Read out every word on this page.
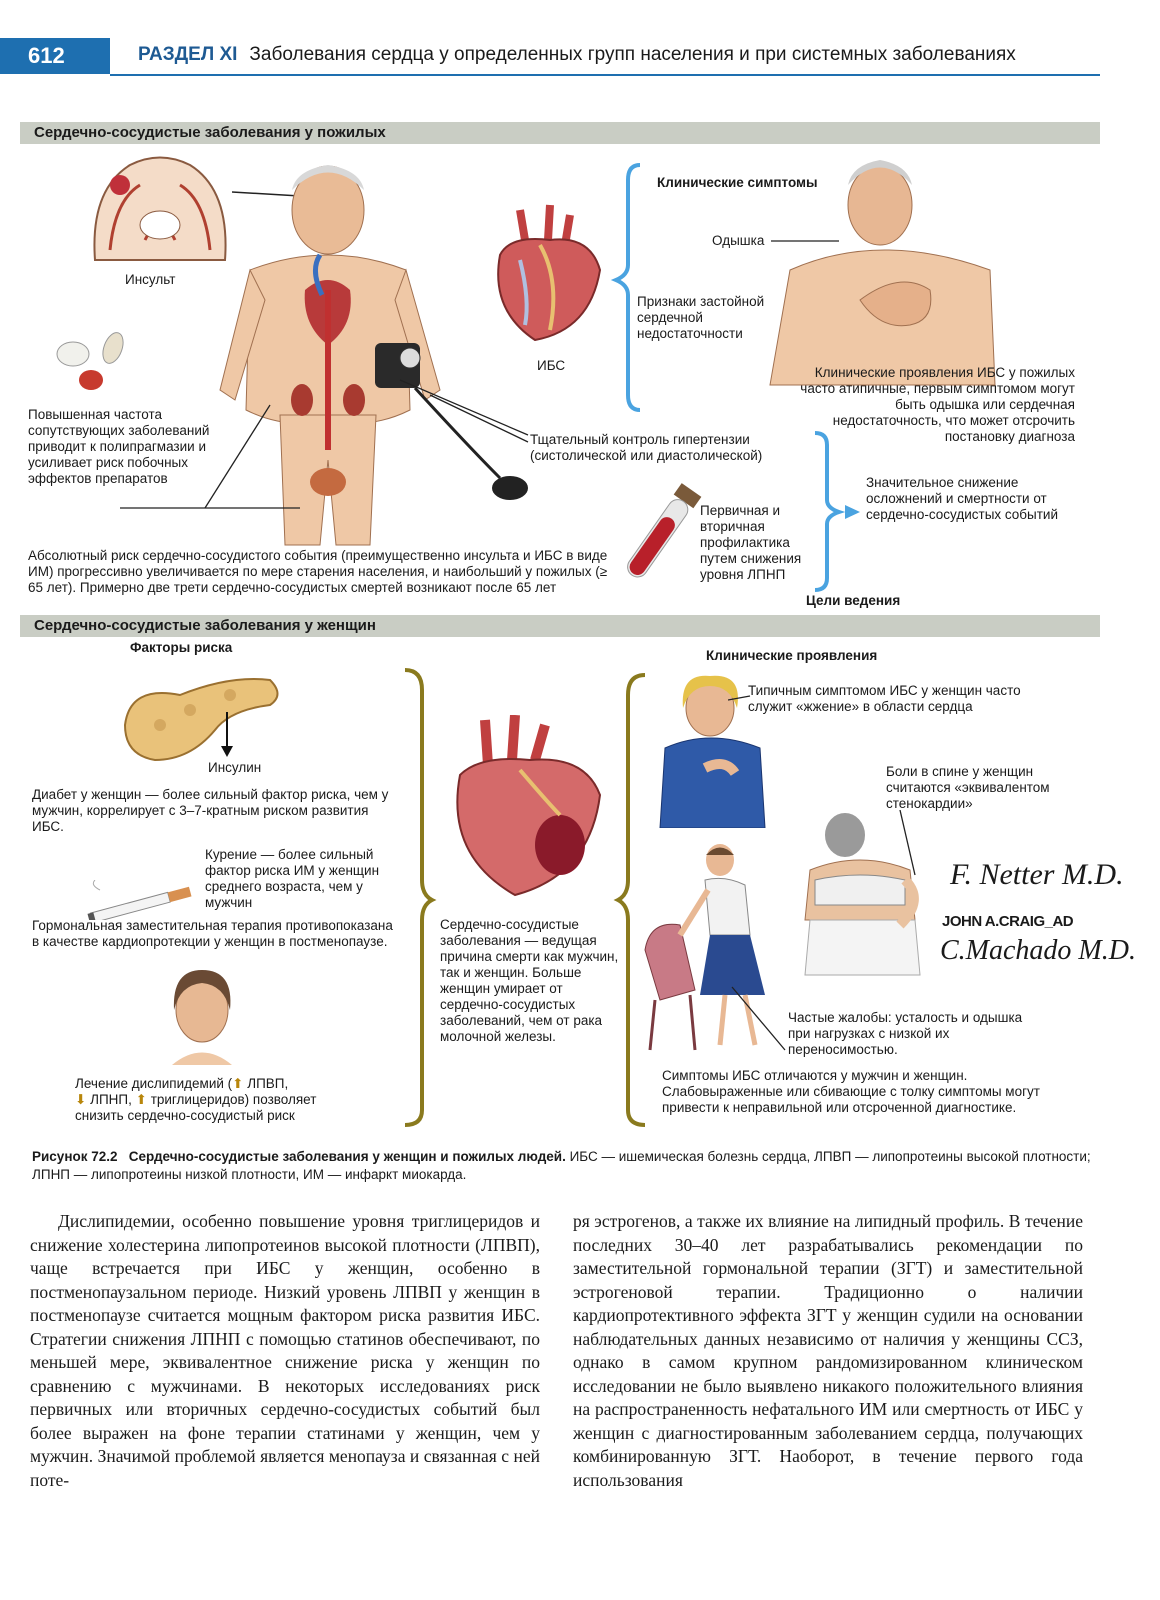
612	РАЗДЕЛ XI Заболевания сердца у определенных групп населения и при системных заболеваниях
Сердечно-сосудистые заболевания у пожилых
Инсульт
Повышенная частота сопутствующих заболеваний приводит к полипрагмазии и усиливает риск побочных эффектов препаратов
ИБС
Клинические симптомы
Одышка
Признаки застойной сердечной недостаточности
Клинические проявления ИБС у пожилых часто атипичные, первым симптомом могут быть одышка или сердечная недостаточность, что может отсрочить постановку диагноза
Тщательный контроль гипертензии (систолической или диастолической)
Первичная и вторичная профилактика путем снижения уровня ЛПНП
Значительное снижение осложнений и смертности от сердечно-сосудистых событий
Цели ведения
Абсолютный риск сердечно-сосудистого события (преимущественно инсульта и ИБС в виде ИМ) прогрессивно увеличивается по мере старения населения, и наибольший у пожилых (≥ 65 лет). Примерно две трети сердечно-сосудистых смертей возникают после 65 лет
Сердечно-сосудистые заболевания у женщин
Факторы риска
Клинические проявления
Инсулин
Диабет у женщин — более сильный фактор риска, чем у мужчин, коррелирует с 3–7-кратным риском развития ИБС.
Курение — более сильный фактор риска ИМ у женщин среднего возраста, чем у мужчин
Гормональная заместительная терапия противопоказана в качестве кардиопротекции у женщин в постменопаузе.
Лечение дислипидемий (⬆ ЛПВП,
⬇ ЛПНП, ⬆ триглицеридов) позволяет
снизить сердечно-сосудистый риск
Сердечно-сосудистые заболевания — ведущая причина смерти как мужчин, так и женщин. Больше женщин умирает от сердечно-сосудистых заболеваний, чем от рака молочной железы.
Типичным симптомом ИБС у женщин часто служит «жжение» в области сердца
Боли в спине у женщин считаются «эквивалентом стенокардии»
Частые жалобы: усталость и одышка при нагрузках с низкой их переносимостью.
F. Netter M.D.
JOHN A.CRAIG_AD
C.Machado M.D.
Симптомы ИБС отличаются у мужчин и женщин. Слабовыраженные или сбивающие с толку симптомы могут привести к неправильной или отсроченной диагностике.
Рисунок 72.2 Сердечно-сосудистые заболевания у женщин и пожилых людей. ИБС — ишемическая болезнь сердца, ЛПВП — липопротеины высокой плотности; ЛПНП — липопротеины низкой плотности, ИМ — инфаркт миокарда.
Дислипидемии, особенно повышение уровня триглицеридов и снижение холестерина липопротеинов высокой плотности (ЛПВП), чаще встречается при ИБС у женщин, особенно в постменопаузальном периоде. Низкий уровень ЛПВП у женщин в постменопаузе считается мощным фактором риска развития ИБС. Стратегии снижения ЛПНП с помощью статинов обеспечивают, по меньшей мере, эквивалентное снижение риска у женщин по сравнению с мужчинами. В некоторых исследованиях риск первичных или вторичных сердечно-сосудистых событий был более выражен на фоне терапии статинами у женщин, чем у мужчин. Значимой проблемой является менопауза и связанная с ней поте-
ря эстрогенов, а также их влияние на липидный профиль. В течение последних 30–40 лет разрабатывались рекомендации по заместительной гормональной терапии (ЗГТ) и заместительной эстрогеновой терапии. Традиционно о наличии кардиопротективного эффекта ЗГТ у женщин судили на основании наблюдательных данных независимо от наличия у женщины ССЗ, однако в самом крупном рандомизированном клиническом исследовании не было выявлено никакого положительного влияния на распространенность нефатального ИМ или смертность от ИБС у женщин с диагностированным заболеванием сердца, получающих комбинированную ЗГТ. Наоборот, в течение первого года использования
